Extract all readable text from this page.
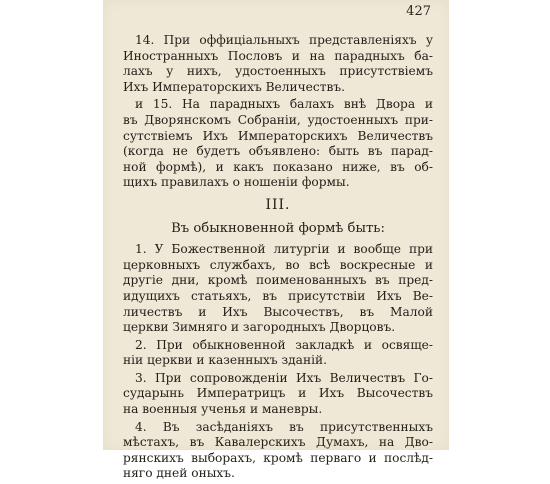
427
14. При оффиціальныхъ представленіяхъ у
Иностранныхъ Пословъ и на парадныхъ ба-
лахъ у нихъ, удостоенныхъ присутствіемъ
Ихъ Императорскихъ Величествъ.
и 15. На парадныхъ балахъ внѣ Двора и
въ Дворянскомъ Собраніи, удостоенныхъ при-
сутствіемъ Ихъ Императорскихъ Величествъ
(когда не будетъ объявлено: быть въ парад-
ной формѣ), и какъ показано ниже, въ об-
щихъ правилахъ о ношеніи формы.
III.
Въ обыкновенной формѣ быть:
1. У Божественной литургіи и вообще при
церковныхъ службахъ, во всѣ воскресные и
другіе дни, кромѣ поименованныхъ въ пред-
идущихъ статьяхъ, въ присутствіи Ихъ Ве-
личествъ и Ихъ Высочествъ, въ Малой
церкви Зимняго и загородныхъ Дворцовъ.
2. При обыкновенной закладкѣ и освяще-
ніи церкви и казенныхъ зданій.
3. При сопровожденіи Ихъ Величествъ Го-
сударынь Императрицъ и Ихъ Высочествъ
на военныя ученья и маневры.
4. Въ засѣданіяхъ въ присутственныхъ
мѣстахъ, въ Кавалерскихъ Думахъ, на Дво-
рянскихъ выборахъ, кромѣ перваго и послѣд-
няго дней оныхъ.
